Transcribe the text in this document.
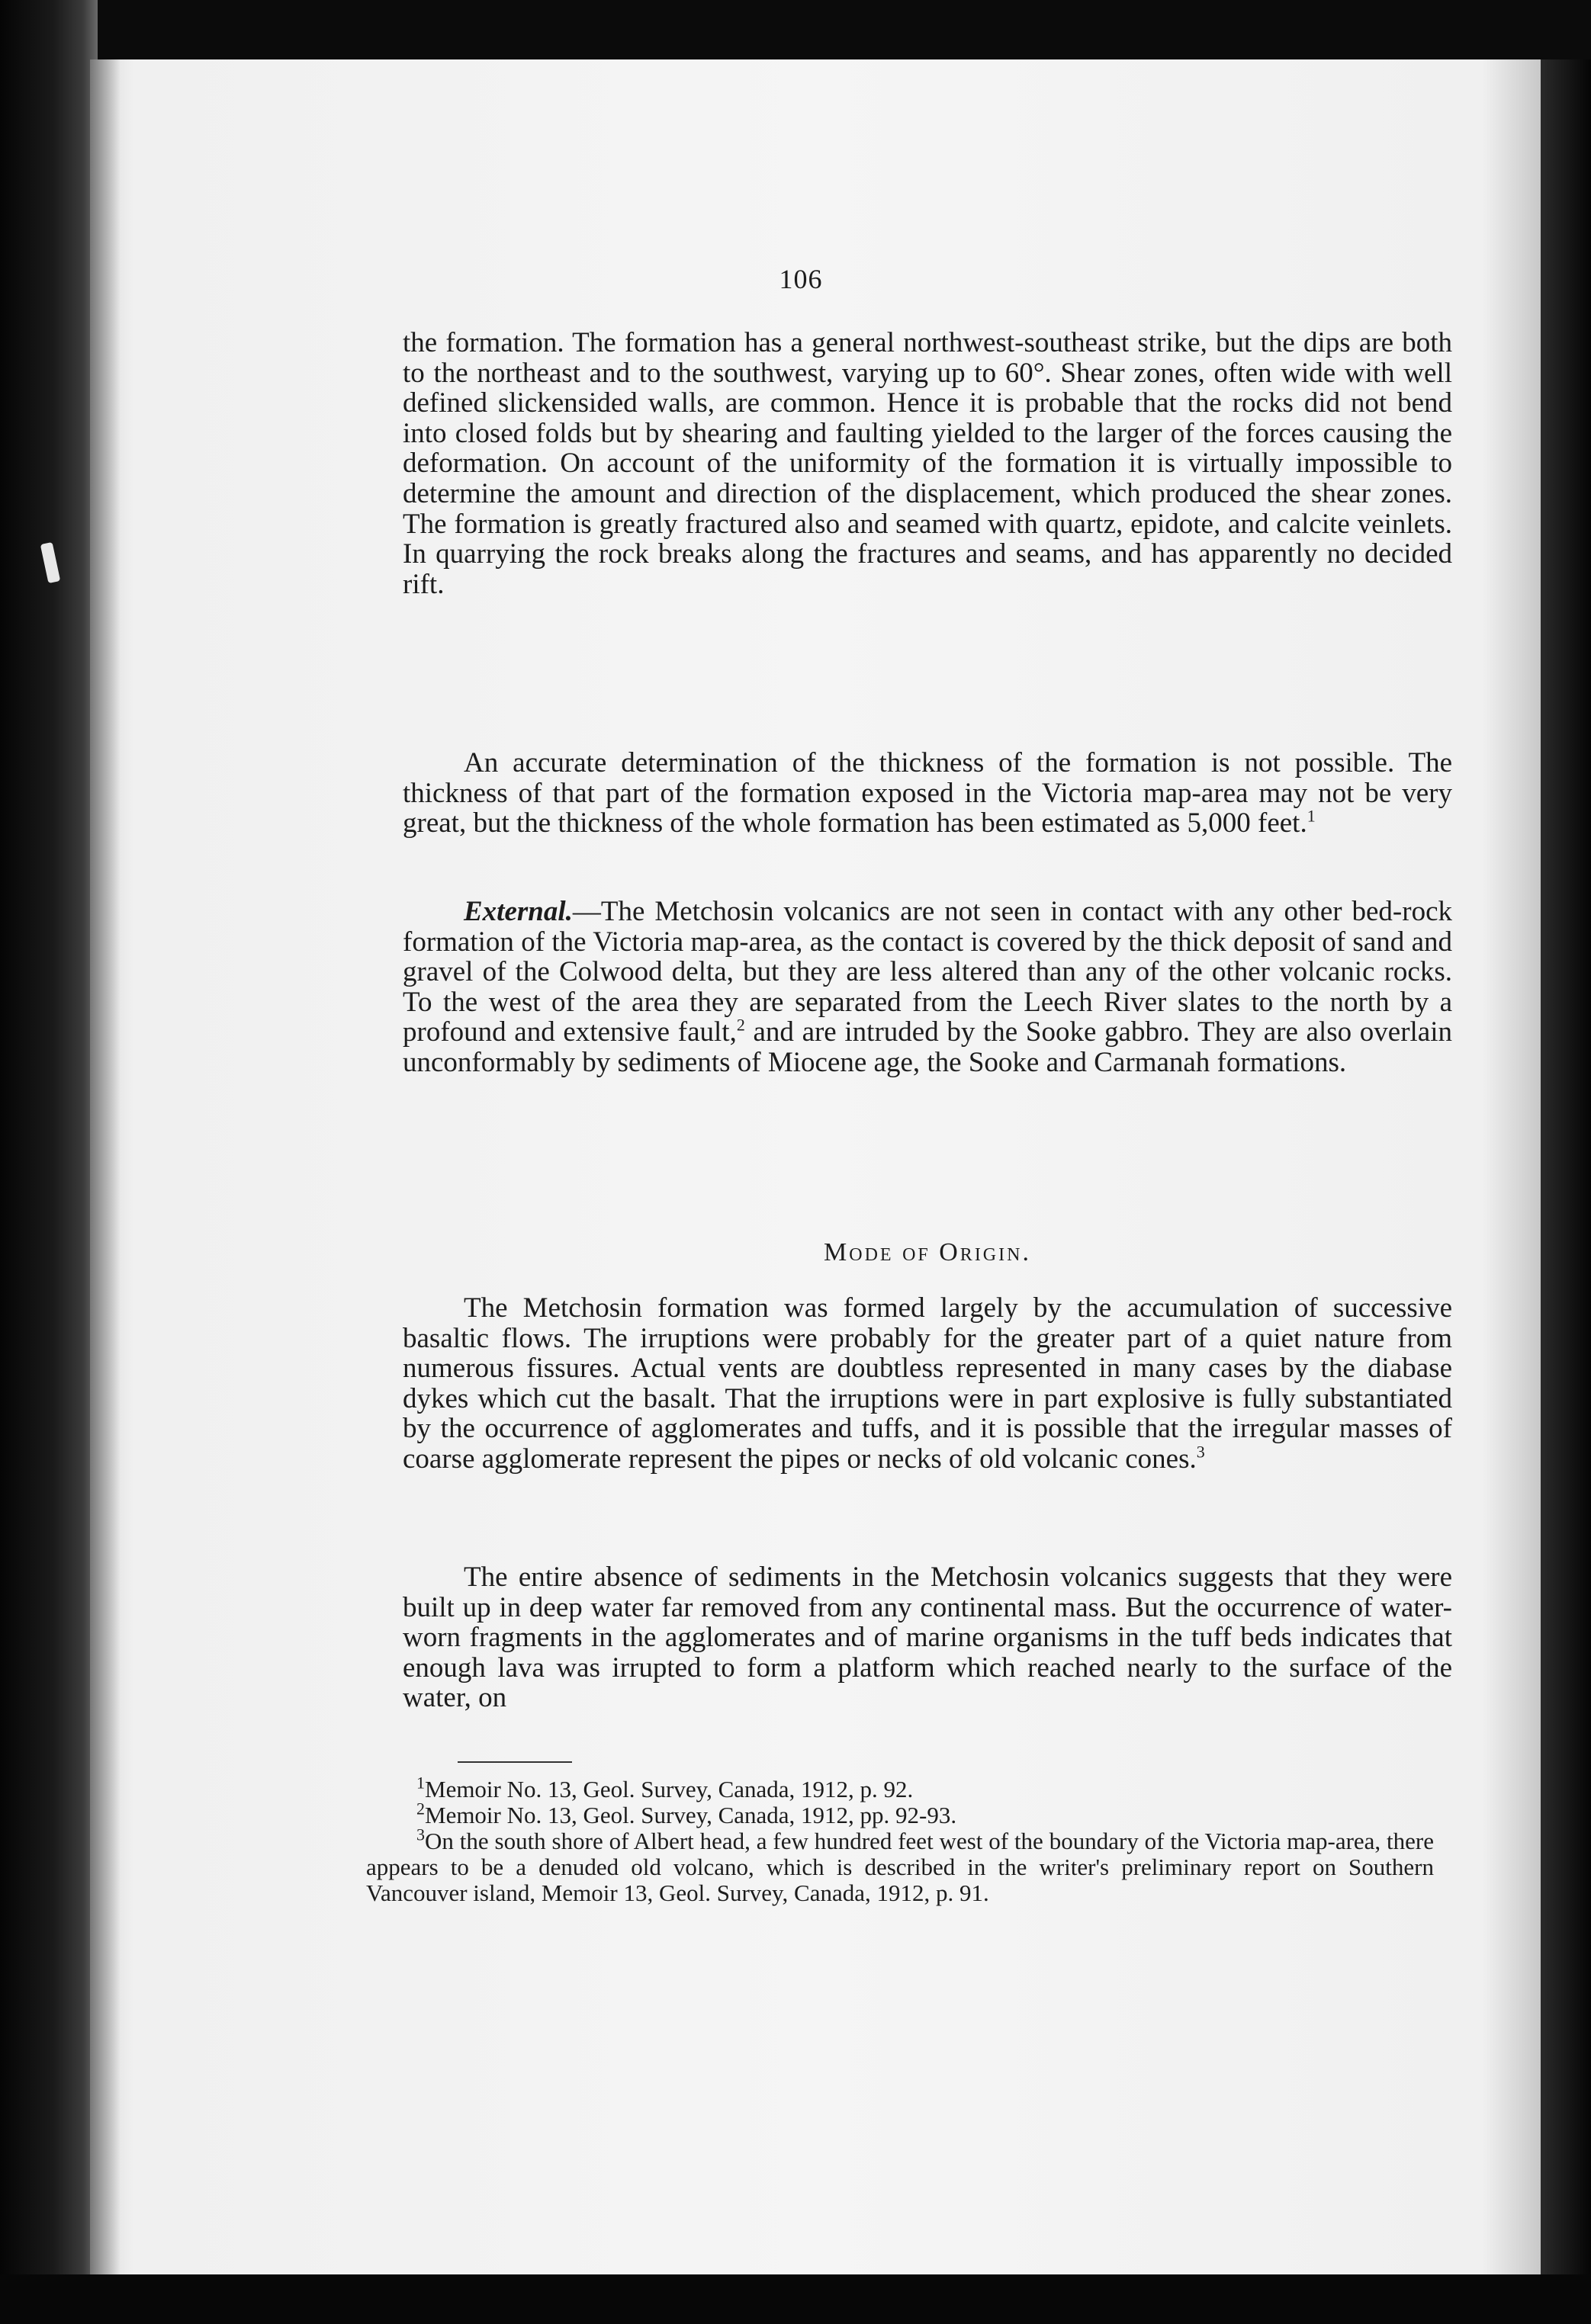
106

the formation. The formation has a general northwest-southeast strike, but the dips are both to the northeast and to the southwest, varying up to 60°. Shear zones, often wide with well defined slickensided walls, are common. Hence it is probable that the rocks did not bend into closed folds but by shearing and faulting yielded to the larger of the forces causing the deformation. On account of the uniformity of the formation it is virtually impossible to determine the amount and direction of the displacement, which produced the shear zones. The formation is greatly fractured also and seamed with quartz, epidote, and calcite veinlets. In quarrying the rock breaks along the fractures and seams, and has apparently no decided rift.

An accurate determination of the thickness of the formation is not possible. The thickness of that part of the formation exposed in the Victoria map-area may not be very great, but the thickness of the whole formation has been estimated as 5,000 feet.$^1$

External.—The Metchosin volcanics are not seen in contact with any other bed-rock formation of the Victoria map-area, as the contact is covered by the thick deposit of sand and gravel of the Colwood delta, but they are less altered than any of the other volcanic rocks. To the west of the area they are separated from the Leech River slates to the north by a profound and extensive fault,$^2$ and are intruded by the Sooke gabbro. They are also overlain unconformably by sediments of Miocene age, the Sooke and Carmanah formations.

Mode of Origin.

The Metchosin formation was formed largely by the accumulation of successive basaltic flows. The irruptions were probably for the greater part of a quiet nature from numerous fissures. Actual vents are doubtless represented in many cases by the diabase dykes which cut the basalt. That the irruptions were in part explosive is fully substantiated by the occurrence of agglomerates and tuffs, and it is possible that the irregular masses of coarse agglomerate represent the pipes or necks of old volcanic cones.$^3$

The entire absence of sediments in the Metchosin volcanics suggests that they were built up in deep water far removed from any continental mass. But the occurrence of water-worn fragments in the agglomerates and of marine organisms in the tuff beds indicates that enough lava was irrupted to form a platform which reached nearly to the surface of the water, on

$^1$Memoir No. 13, Geol. Survey, Canada, 1912, p. 92.

$^2$Memoir No. 13, Geol. Survey, Canada, 1912, pp. 92-93.

$^3$On the south shore of Albert head, a few hundred feet west of the boundary of the Victoria map-area, there appears to be a denuded old volcano, which is described in the writer's preliminary report on Southern Vancouver island, Memoir 13, Geol. Survey, Canada, 1912, p. 91.
